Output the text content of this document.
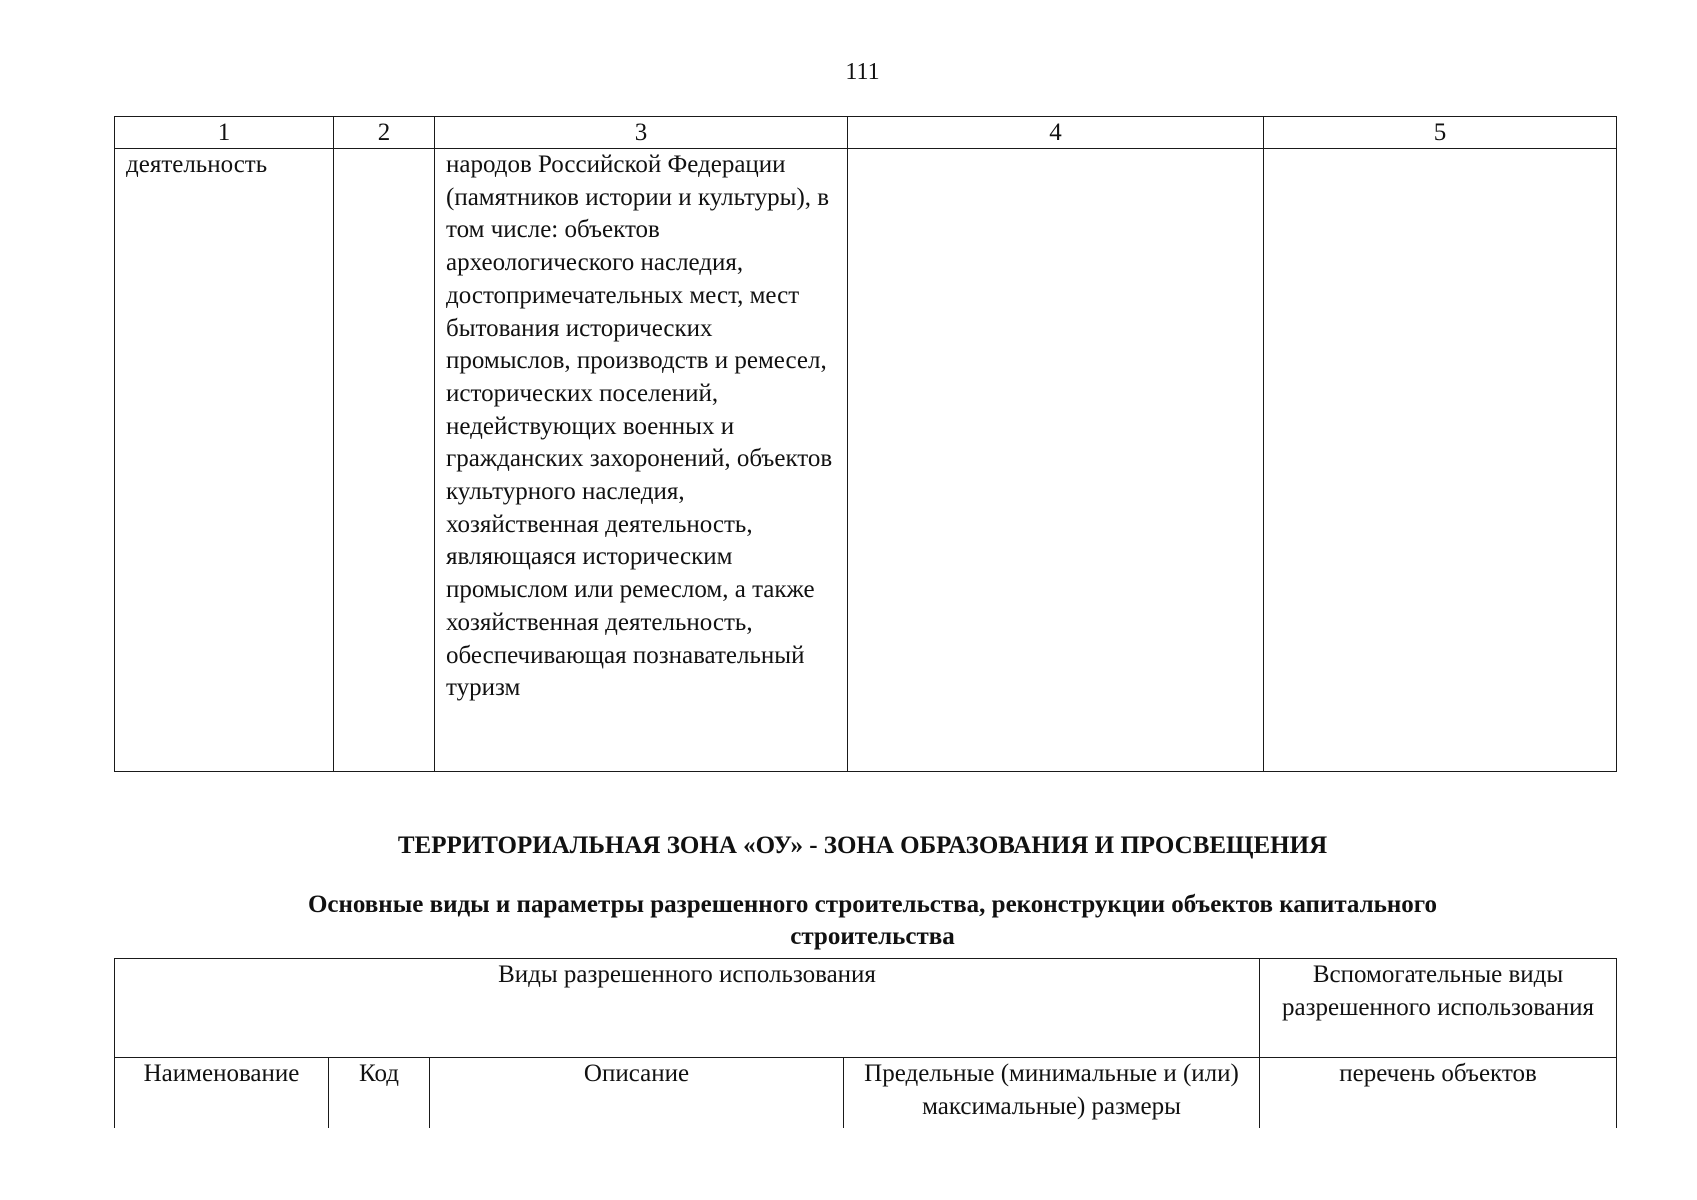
111
1	2	3	4	5
деятельность		народов Российской Федерации (памятников истории и культуры), в том числе: объектов археологического наследия, достопримечательных мест, мест бытования исторических промыслов, производств и ремесел, исторических поселений, недействующих военных и гражданских захоронений, объектов культурного наследия, хозяйственная деятельность, являющаяся историческим промыслом или ремеслом, а также хозяйственная деятельность, обеспечивающая познавательный туризм		
ТЕРРИТОРИАЛЬНАЯ ЗОНА «ОУ» - ЗОНА ОБРАЗОВАНИЯ И ПРОСВЕЩЕНИЯ
Основные виды и параметры разрешенного строительства, реконструкции объектов капитального строительства
Виды разрешенного использования				Вспомогательные виды разрешенного использования
Наименование	Код	Описание	Предельные (минимальные и (или) максимальные) размеры	перечень объектов
